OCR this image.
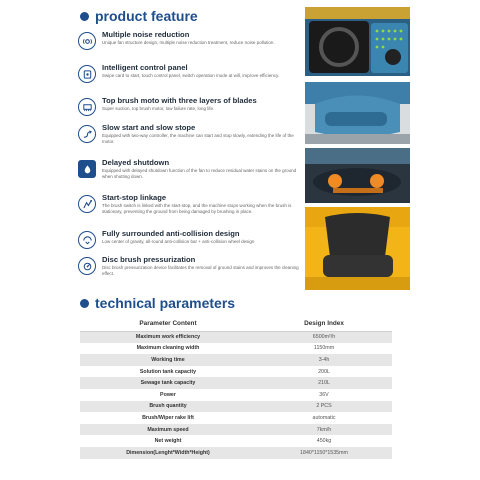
product feature
Multiple noise reduction
Unique fan structure design, multiple noise reduction treatment, reduce noise pollution.
Intelligent control panel
Swipe card to start, touch control panel, switch operation mode at will, improve efficiency.
Top brush moto with three layers of blades
Super suction, top brush motor, low failure rate, long life.
Slow start and slow stope
Equipped with two-way controller, the machine can start and stop slowly, extending the life of the motor.
Delayed shutdown
Equipped with delayed shutdown function of the fan to reduce residual water stains on the ground when shutting down.
Start-stop linkage
The brush switch is linked with the start-stop, and the machine stops working when the brush is stationary, preventing the ground from being damaged by brushing in place.
Fully surrounded anti-collision design
Low center of gravity, all-round anti-collision bar + anti-collision wheel design
Disc brush pressurization
Disc brush pressurization device facilitates the removal of ground stains and improves the cleaning effect.
technical parameters
Parameter Content	Design Index
Maximum work efficiency	6500m²/h
Maximum cleaning width	1150mm
Working time	3-4h
Solution tank capacity	200L
Sewage tank capacity	210L
Power	36V
Brush quantity	2 PCS
Brush/Wiper rake lift	automatic
Maximum speed	7km/h
Net weight	450kg
Dimension(Lenght*Width*Height)	1840*1150*1535mm
